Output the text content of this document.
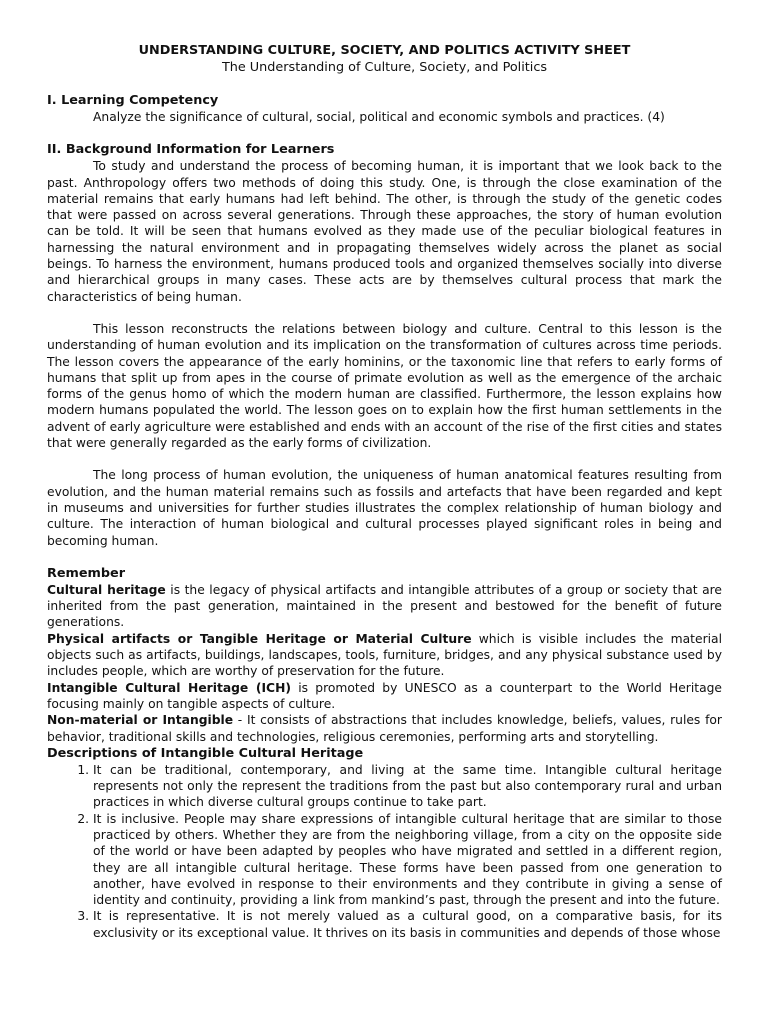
UNDERSTANDING CULTURE, SOCIETY, AND POLITICS ACTIVITY SHEET

The Understanding of Culture, Society, and Politics

I. Learning Competency

Analyze the significance of cultural, social, political and economic symbols and practices. (4)

II. Background Information for Learners

To study and understand the process of becoming human, it is important that we look back to the past. Anthropology offers two methods of doing this study. One, is through the close examination of the material remains that early humans had left behind. The other, is through the study of the genetic codes that were passed on across several generations. Through these approaches, the story of human evolution can be told. It will be seen that humans evolved as they made use of the peculiar biological features in harnessing the natural environment and in propagating themselves widely across the planet as social beings. To harness the environment, humans produced tools and organized themselves socially into diverse and hierarchical groups in many cases. These acts are by themselves cultural process that mark the characteristics of being human.

This lesson reconstructs the relations between biology and culture. Central to this lesson is the understanding of human evolution and its implication on the transformation of cultures across time periods. The lesson covers the appearance of the early hominins, or the taxonomic line that refers to early forms of humans that split up from apes in the course of primate evolution as well as the emergence of the archaic forms of the genus homo of which the modern human are classified. Furthermore, the lesson explains how modern humans populated the world. The lesson goes on to explain how the first human settlements in the advent of early agriculture were established and ends with an account of the rise of the first cities and states that were generally regarded as the early forms of civilization.

The long process of human evolution, the uniqueness of human anatomical features resulting from evolution, and the human material remains such as fossils and artefacts that have been regarded and kept in museums and universities for further studies illustrates the complex relationship of human biology and culture. The interaction of human biological and cultural processes played significant roles in being and becoming human.

Remember

Cultural heritage is the legacy of physical artifacts and intangible attributes of a group or society that are inherited from the past generation, maintained in the present and bestowed for the benefit of future generations.

Physical artifacts or Tangible Heritage or Material Culture which is visible includes the material objects such as artifacts, buildings, landscapes, tools, furniture, bridges, and any physical substance used by includes people, which are worthy of preservation for the future.

Intangible Cultural Heritage (ICH) is promoted by UNESCO as a counterpart to the World Heritage focusing mainly on tangible aspects of culture.

Non-material or Intangible - It consists of abstractions that includes knowledge, beliefs, values, rules for behavior, traditional skills and technologies, religious ceremonies, performing arts and storytelling.

Descriptions of Intangible Cultural Heritage

1. It can be traditional, contemporary, and living at the same time. Intangible cultural heritage represents not only the represent the traditions from the past but also contemporary rural and urban practices in which diverse cultural groups continue to take part.
2. It is inclusive. People may share expressions of intangible cultural heritage that are similar to those practiced by others. Whether they are from the neighboring village, from a city on the opposite side of the world or have been adapted by peoples who have migrated and settled in a different region, they are all intangible cultural heritage. These forms have been passed from one generation to another, have evolved in response to their environments and they contribute in giving a sense of identity and continuity, providing a link from mankind’s past, through the present and into the future.
3. It is representative. It is not merely valued as a cultural good, on a comparative basis, for its exclusivity or its exceptional value. It thrives on its basis in communities and depends of those whose
